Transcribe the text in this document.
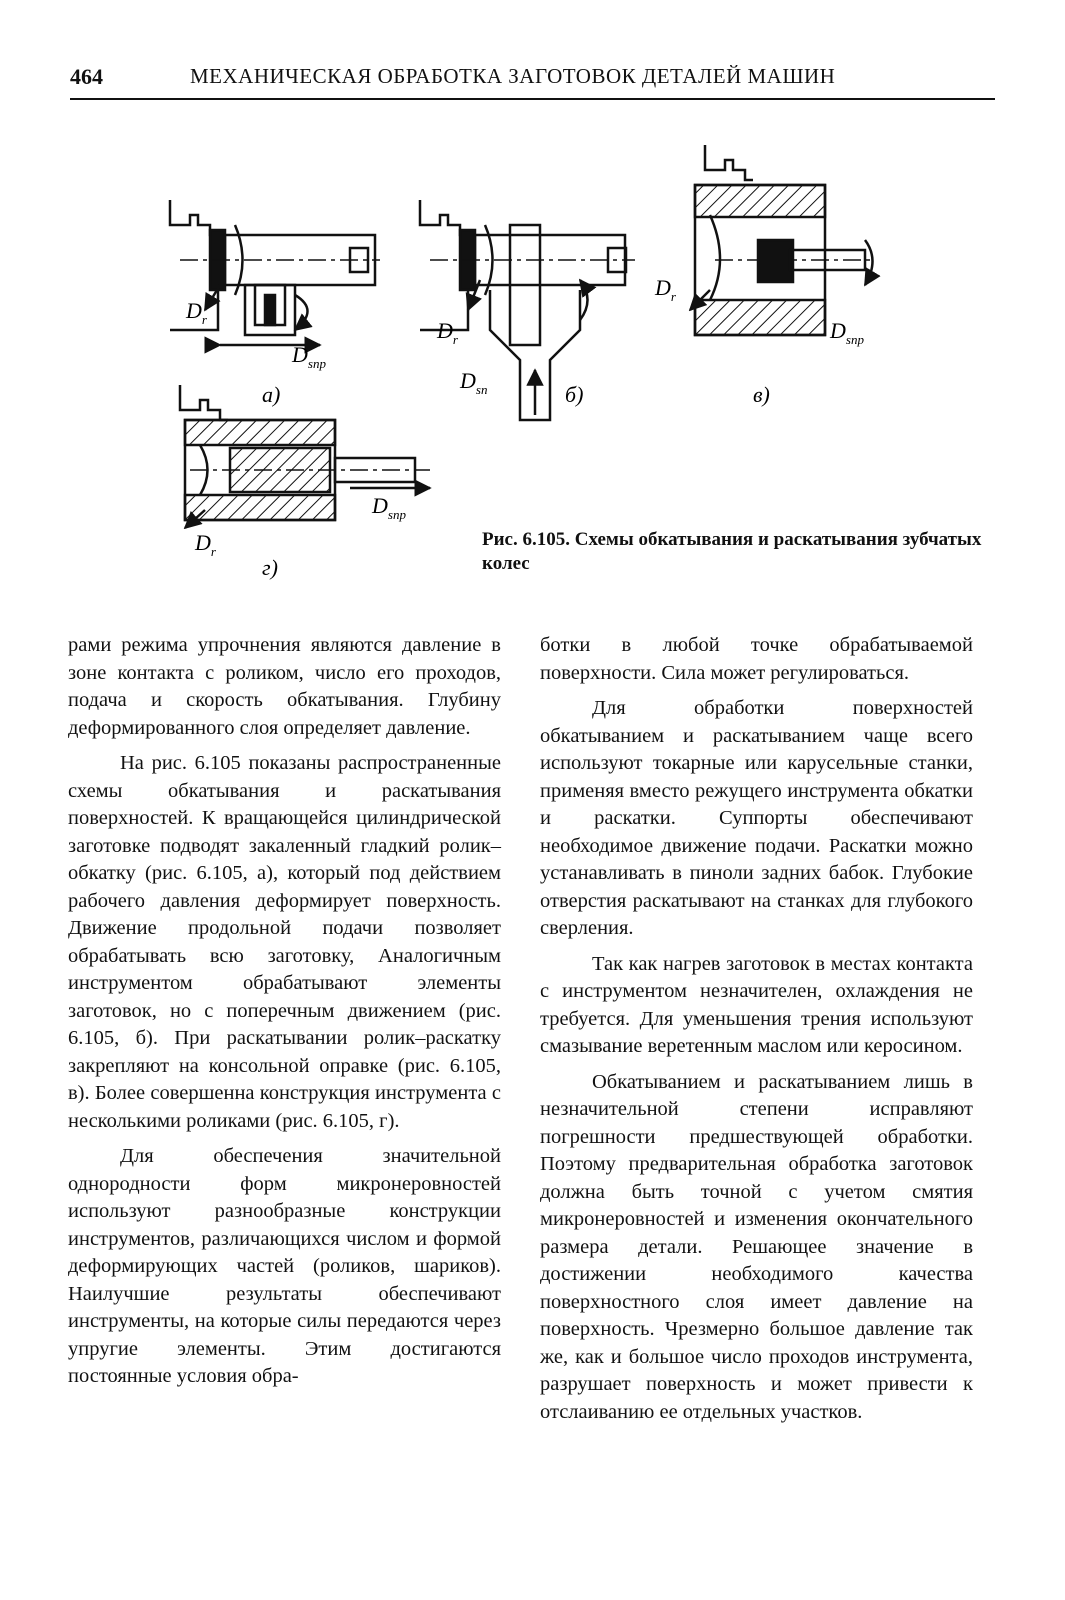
464	МЕХАНИЧЕСКАЯ ОБРАБОТКА ЗАГОТОВОК ДЕТАЛЕЙ МАШИН
$D_r$
$D_{sпр}$
а)
$D_r$
$D_{sп}$	б)
$D_r$
$D_{sпр}$
в)
$D_r$
$D_{sпр}$
г)
Рис. 6.105. Схемы обкатывания и раскатывания зубчатых колес

рами режима упрочнения являются давление в зоне контакта с роликом, число его проходов, подача и скорость обкатывания. Глубину деформированного слоя определяет давление.

На рис. 6.105 показаны распространенные схемы обкатывания и раскатывания поверхностей. К вращающейся цилиндрической заготовке подводят закаленный гладкий ролик–обкатку (рис. 6.105, а), который под действием рабочего давления деформирует поверхность. Движение продольной подачи позволяет обрабатывать всю заготовку, Аналогичным инструментом обрабатывают элементы заготовок, но с поперечным движением (рис. 6.105, б). При раскатывании ролик–раскатку закрепляют на консольной оправке (рис. 6.105, в). Более совершенна конструкция инструмента с несколькими роликами (рис. 6.105, г).

Для обеспечения значительной однородности форм микронеровностей используют разнообразные конструкции инструментов, различающихся числом и формой деформирующих частей (роликов, шариков). Наилучшие результаты обеспечивают инструменты, на которые силы передаются через упругие элементы. Этим достигаются постоянные условия обра-

ботки в любой точке обрабатываемой поверхности. Сила может регулироваться.

Для обработки поверхностей обкатыванием и раскатыванием чаще всего используют токарные или карусельные станки, применяя вместо режущего инструмента обкатки и раскатки. Суппорты обеспечивают необходимое движение подачи. Раскатки можно устанавливать в пиноли задних бабок. Глубокие отверстия раскатывают на станках для глубокого сверления.

Так как нагрев заготовок в местах контакта с инструментом незначителен, охлаждения не требуется. Для уменьшения трения используют смазывание веретенным маслом или керосином.

Обкатыванием и раскатыванием лишь в незначительной степени исправляют погрешности предшествующей обработки. Поэтому предварительная обработка заготовок должна быть точной с учетом смятия микронеровностей и изменения окончательного размера детали. Решающее значение в достижении необходимого качества поверхностного слоя имеет давление на поверхность. Чрезмерно большое давление так же, как и большое число проходов инструмента, разрушает поверхность и может привести к отслаиванию ее отдельных участков.
